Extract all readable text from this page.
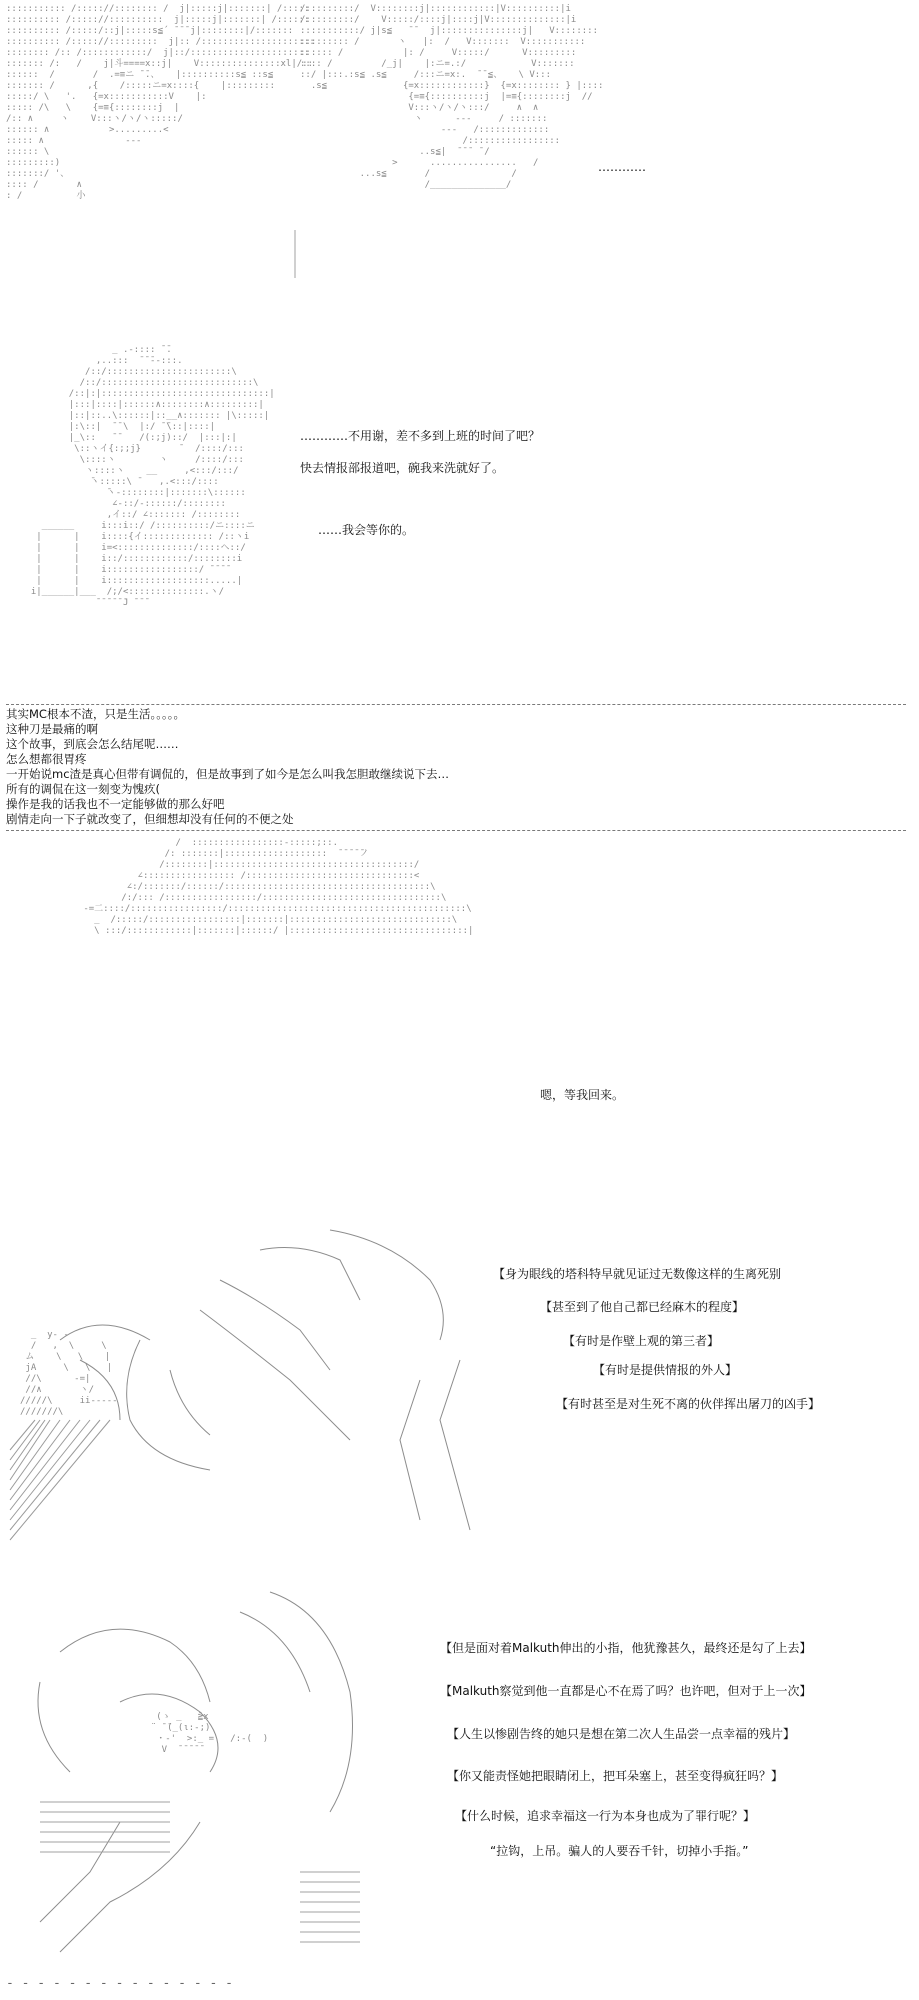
::::::::::: /::::://:::::::: /  j|:::::j|:::::::| /:::::
:::::::::: /::::://::::::::::  j|:::::j|:::::::| /::::::
:::::::::: /:::::/::j|:::::s≦´ ̄ ̄ ̄ j|::::::::|/:::::::
:::::::::: /::::://:::::::::  j|:: /:::::::::::::::::::::
:::::::: /:: /::::::::::::/  j|::/::::::::::::::::::::::
::::::: /:   /    j|斗====x::j|    V:::::::::::::::xl|/::
::::::  /       /  .=≡ニ ̄ ̄.、   |::::::::::s≦ ::s≦
::::::: /      ,{    /:::::ニ=x::::{    |:::::::::
:::::/ \   '.   {=x:::::::::::V    |:
::::: /\   \    {=≡{::::::::j  |
/:: ∧     ヽ    V:::ヽ/ヽ/ヽ:::::/
:::::: ∧           >.........<
::::: ∧               ---
:::::: \
:::::::::)
:::::::/ '、
:::: /       ∧
: /          小
/:::::::::/  V::::::::j|::::::::::::|V::::::::::|i
/:::::::::/    V:::::/::::j|::::j|V::::::::::::::|i
:::::::::::/ j|s≦   ̄ ̄   j|:::::::::::::::j|   V::::::::
::::::::: /       ヽ   |:  /   V:::::::  V:::::::::::
:::::: /           |: /     V:::::/      V:::::::::
:::: /         /_j|    |:ニ=.:/            V:::::::
::/ |:::.:s≦ .s≦     /:::ニ=x:.  ̄ ̄ ≦、   \ V:::
.s≦              {=x::::::::::::}  {=x:::::::: } |::::
{=≡{::::::::::j  |=≡{::::::::j  //
V:::ヽ/ヽ/ヽ:::/     ∧  ∧
ヽ      ---     / :::::::
---   /:::::::::::::
/:::::::::::::::::
..s≦|  ̄ ̄ ̄  ̄ /
>      ................   /
...s≦       /               /
/______________/
…………
_ .-:::: ̄ ̄.
,..:::  ̄ ̄ ̄--:::.
/::/:::::::::::::::::::::::\
/::/::::::::::::::::::::::::::::\
/::|:|:::::::::::::::::::::::::::::::|
|:::|::::|::::::∧::::::::∧:::::::::|
|::|::..\::::::|::__∧::::::: |\:::::|
|:\::|  ̄ ̄ \  |:/ ̄ ̄\::|::::|
|_\::   ̄ ̄    /(:;j)::/  |:::|:|
\::ヽイ{:;;j}       ̄   /::::/:::
\::::ヽ        ヽ     /::::/:::
ヽ::::ヽ    __     ,<:::/:::/
̄ヽ:::::\ ̄    ,.<:::/::::
̄ヽ-::::::::|:::::::\::::::
∠-::/-::::::/::::::::
,イ::/ ∠::::::: /::::::::
______     i:::i::/ /::::::::::/ニ::::ニ
|      |    i::::{イ::::::::::::: /::ヽi
|      |    i=<::::::::::::::/::::ヘ::/
|      |    i::/::::::::::::/::::::::i
|      |    i:::::::::::::::::/ ̄ ̄ ̄ ̄
|      |    i:::::::::::::::::::.....|
i|______|___  /;/<::::::::::::::.ヽ/
̄ ̄ ̄ ̄ ̄ ̄J ̄ ̄ ̄
…………不用谢，差不多到上班的时间了吧？
快去情报部报道吧，碗我来洗就好了。
……我会等你的。
其实MC根本不渣，只是生活。。。。。
这种刀是最痛的啊
这个故事，到底会怎么结尾呢……
怎么想都很胃疼
一开始说mc渣是真心但带有调侃的，但是故事到了如今是怎么叫我怎胆敢继续说下去…
所有的调侃在这一刻变为愧疚(
操作是我的话我也不一定能够做的那么好吧
剧情走向一下子就改变了，但细想却没有任何的不便之处
/  :::::::::::::::::-:::::;::.
/: :::::::|:::::::::::::::::::  ̄ ̄ ̄ ̄ ̄ノ
/::::::::|:::::::::::::::::::::::::::::::::::::/
∠::::::::::::::::: /:::::::::::::::::::::::::::::::<
∠:/:::::::/::::::/::::::::::::::::::::::::::::::::::::::\
/:/::: /:::::::::::::::::/:::::::::::::::::::::::::::::::::\
-=二::::/:::::::::::::::::/::::::::::::::::::::::::::::::::::::::::::::\
_  /:::::/:::::::::::::::::|:::::::|::::::::::::::::::::::::::::::\
\ :::/::::::::::::|:::::::|::::::/ |:::::::::::::::::::::::::::::::::|

嗯，等我回来。

_  y- -
/   ,  \     \
ム    \   \    |
jA     \   \   |
//\      -=|
//∧       ヽ/
/////\     ii-----
///////\
【身为眼线的塔科特早就见证过无数像这样的生离死别
【甚至到了他自己都已经麻木的程度】
【有时是作壁上观的第三者】
【有时是提供情报的外人】
【有时甚至是对生死不离的伙伴挥出屠刀的凶手】
(ゝ _   ̄≧x
¨ ̄ ̄(_(ι:-;)
・-'  >:_ =   /:-(  )
V  ̄ ̄ ̄ ̄ ̄
【但是面对着Malkuth伸出的小指，他犹豫甚久，最终还是勾了上去】
【Malkuth察觉到他一直都是心不在焉了吗？也许吧，但对于上一次】
【人生以惨剧告终的她只是想在第二次人生品尝一点幸福的残片】
【你又能责怪她把眼睛闭上，把耳朵塞上，甚至变得疯狂吗？】
【什么时候，追求幸福这一行为本身也成为了罪行呢？】
“拉钩，上吊。骗人的人要吞千针，切掉小手指。”
- - - - - - - - - - - - - - -
